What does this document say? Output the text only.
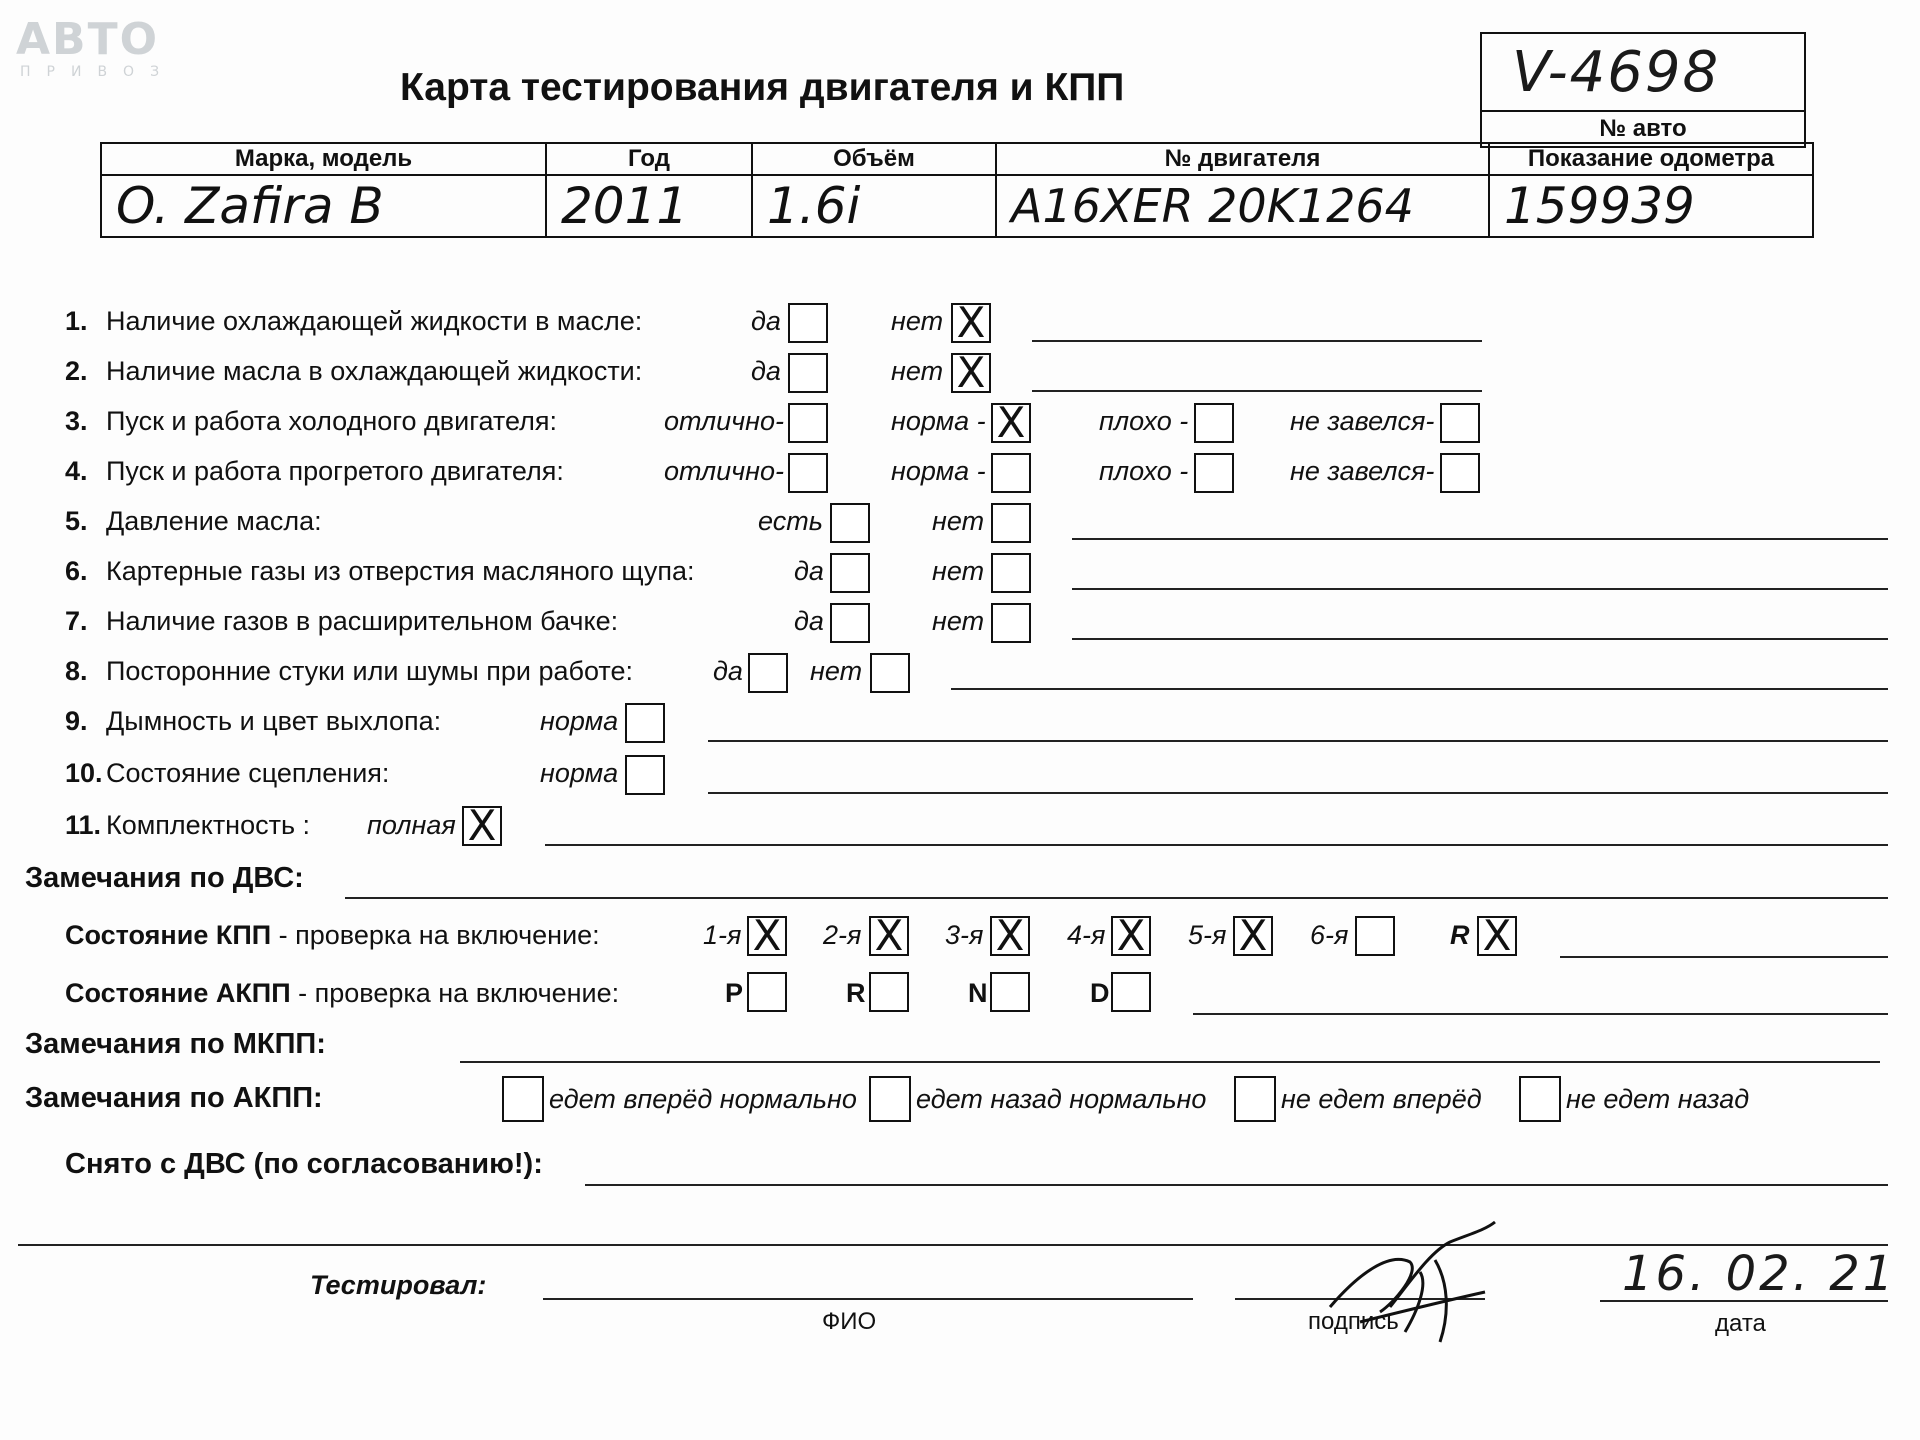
АВТО
ПРИВОЗ	Карта тестирования двигателя и КПП	V-4698
№ авто
Марка, модель	Год	Объём	№ двигателя	Показание одометра
O. Zafira B	2011	1.6i	A16XER 20K1264	159939
1. Наличие охлаждающей жидкости в масле:	да	нет X
2. Наличие масла в охлаждающей жидкости:	да	нет X
3. Пуск и работа холодного двигателя:	отлично-	норма - X	плохо -	не завелся-
4. Пуск и работа прогретого двигателя:	отлично-	норма -	плохо -	не завелся-
5. Давление масла:	есть	нет
6. Картерные газы из отверстия масляного щупа:	да	нет
7. Наличие газов в расширительном бачке:	да	нет
8. Посторонние стуки или шумы при работе:	да нет
9. Дымность и цвет выхлопа:	норма
10. Состояние сцепления:	норма
11. Комплектность : полная X
Замечания по ДВС:
Состояние КПП - проверка на включение:	1-я X 2-я X 3-я X 4-я X 5-я X 6-я	R X
Состояние АКПП - проверка на включение:	P	R	N	D
Замечания по МКПП:
Замечания по АКПП:	едет вперёд нормально едет назад нормально	не едет вперёд	не едет назад
Снято с ДВС (по согласованию!):
Тестировал:
ФИО	подпись
16. 02. 21
дата
